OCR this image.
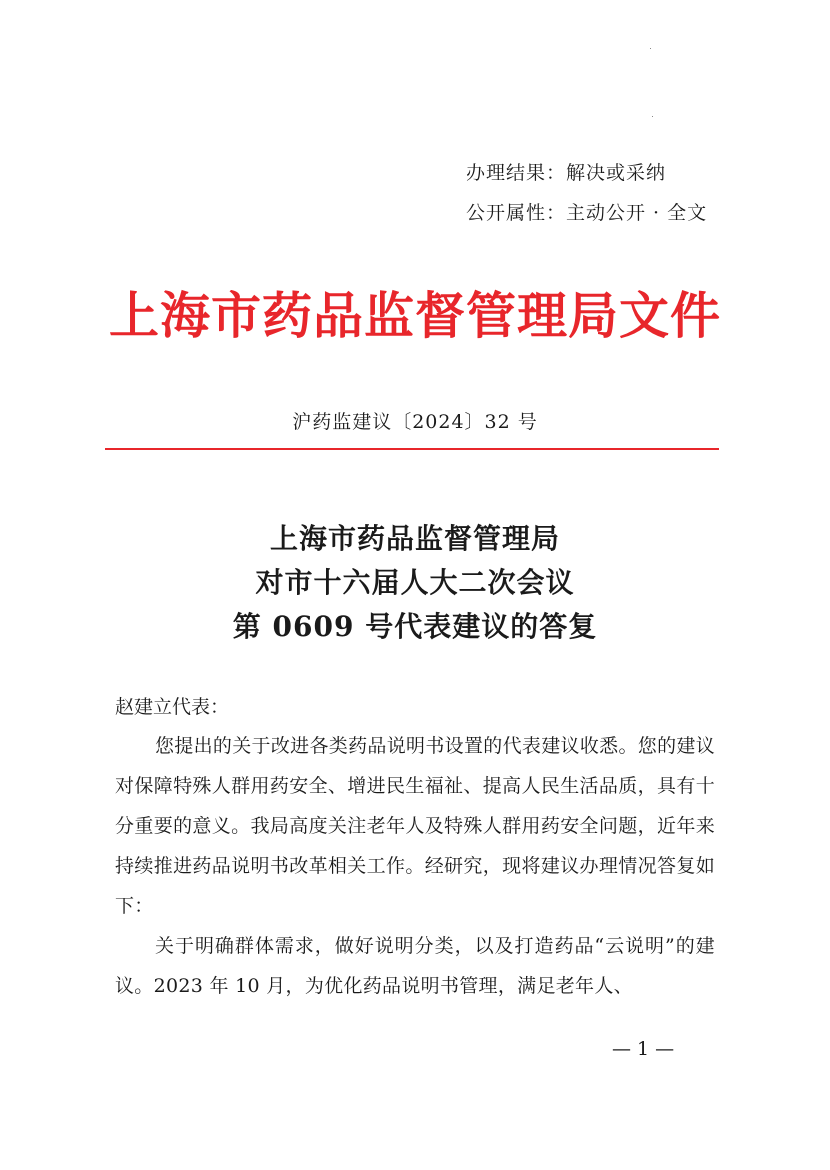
办理结果：解决或采纳
公开属性：主动公开 · 全文
上海市药品监督管理局文件
沪药监建议〔2024〕32 号
上海市药品监督管理局
对市十六届人大二次会议
第 0609 号代表建议的答复

赵建立代表：

您提出的关于改进各类药品说明书设置的代表建议收悉。您的建议对保障特殊人群用药安全、增进民生福祉、提高人民生活品质，具有十分重要的意义。我局高度关注老年人及特殊人群用药安全问题，近年来持续推进药品说明书改革相关工作。经研究，现将建议办理情况答复如下：

关于明确群体需求，做好说明分类，以及打造药品“云说明”的建议。2023 年 10 月，为优化药品说明书管理，满足老年人、

— 1 —
